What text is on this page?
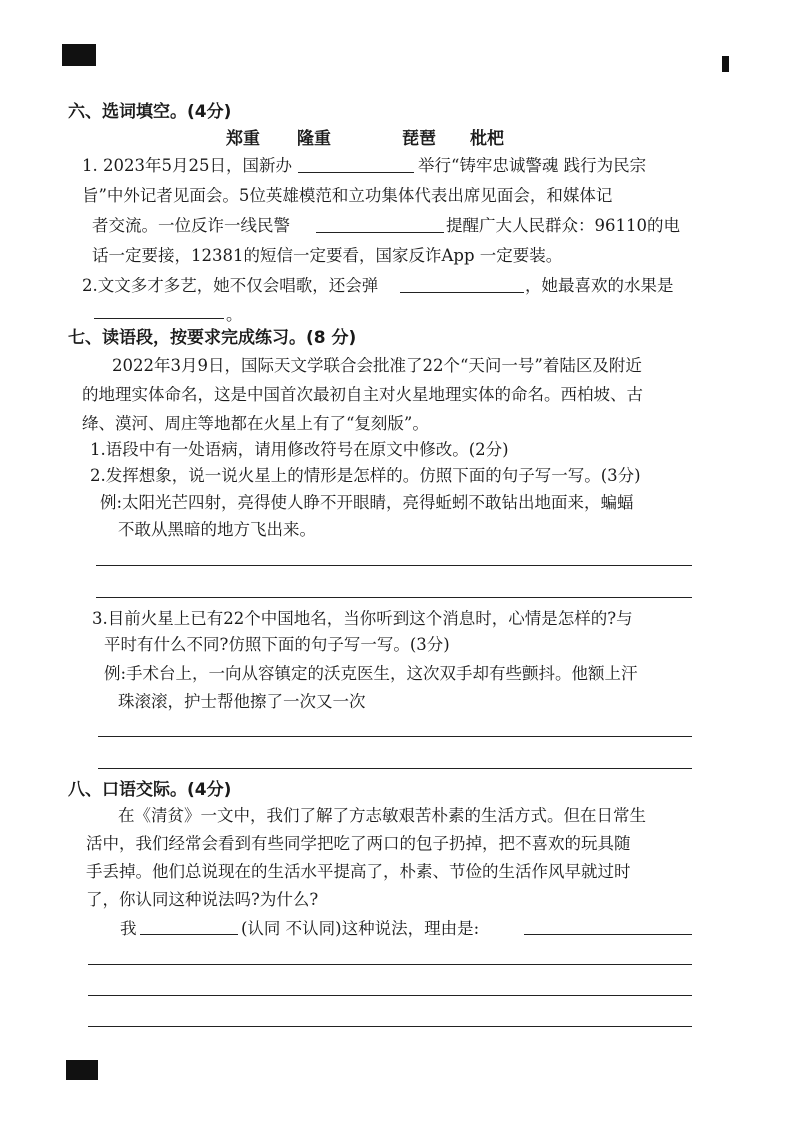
六、选词填空。(4分)
郑重 隆重	琵琶 枇杷
1. 2023年5月25日，国新办	举行“铸牢忠诚警魂 践行为民宗
旨”中外记者见面会。5位英雄模范和立功集体代表出席见面会，和媒体记
者交流。一位反诈一线民警	提醒广大人民群众：96110的电
话一定要接，12381的短信一定要看，国家反诈App 一定要装。
2.文文多才多艺，她不仅会唱歌，还会弹	，她最喜欢的水果是
。
七、读语段，按要求完成练习。(8 分)
2022年3月9日，国际天文学联合会批准了22个“天问一号”着陆区及附近
的地理实体命名，这是中国首次最初自主对火星地理实体的命名。西柏坡、古
绛、漠河、周庄等地都在火星上有了“复刻版”。
1.语段中有一处语病，请用修改符号在原文中修改。(2分)
2.发挥想象，说一说火星上的情形是怎样的。仿照下面的句子写一写。(3分)
例:太阳光芒四射，亮得使人睁不开眼睛，亮得蚯蚓不敢钻出地面来，蝙蝠
不敢从黑暗的地方飞出来。
3.目前火星上已有22个中国地名，当你听到这个消息时，心情是怎样的?与
平时有什么不同?仿照下面的句子写一写。(3分)
例:手术台上，一向从容镇定的沃克医生，这次双手却有些颤抖。他额上汗
珠滚滚，护士帮他擦了一次又一次
八、口语交际。(4分)
在《清贫》一文中，我们了解了方志敏艰苦朴素的生活方式。但在日常生
活中，我们经常会看到有些同学把吃了两口的包子扔掉，把不喜欢的玩具随
手丢掉。他们总说现在的生活水平提高了，朴素、节俭的生活作风早就过时
了，你认同这种说法吗?为什么?
我	(认同 不认同)这种说法，理由是:
